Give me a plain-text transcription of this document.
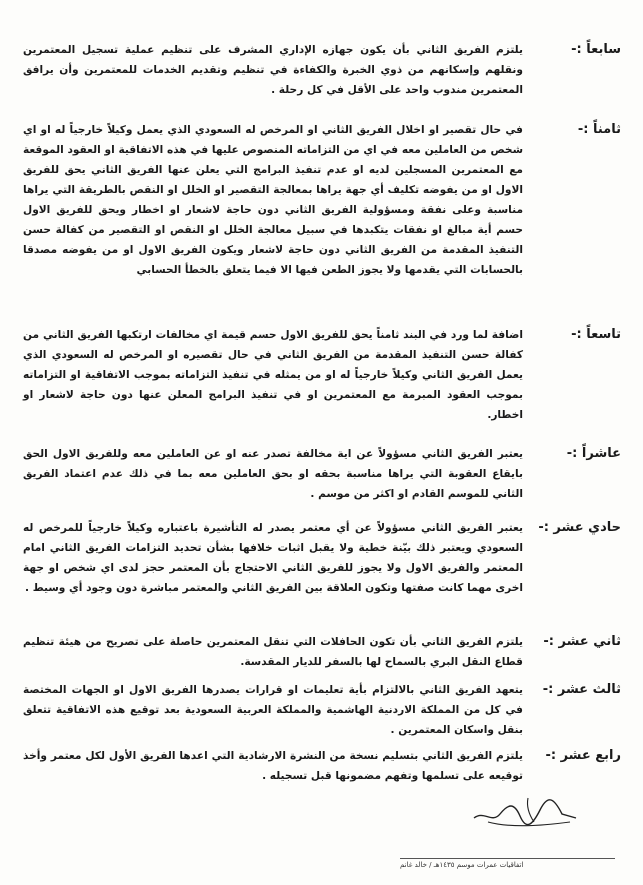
سابعاً :-
يلتزم الفريق الثاني بأن يكون جهازه الإداري المشرف على تنظيم عملية تسجيل المعتمرين ونقلهم وإسكانهم من ذوي الخبرة والكفاءة في تنظيم وتقديم الخدمات للمعتمرين وأن يرافق المعتمرين مندوب واحد على الأقل في كل رحلة .
ثامناً :-
في حال تقصير او اخلال الفريق الثاني او المرخص له السعودي الذي يعمل وكيلاً خارجياً له او اي شخص من العاملين معه في اي من التزاماته المنصوص عليها في هذه الاتفاقية او العقود الموقعة مع المعتمرين المسجلين لديه او عدم تنفيذ البرامج التي يعلن عنها الفريق الثاني يحق للفريق الاول او من يفوضه تكليف أي جهة يراها بمعالجة التقصير او الخلل او النقص بالطريقة التي يراها مناسبة وعلى نفقة ومسؤولية الفريق الثاني دون حاجة لاشعار او اخطار ويحق للفريق الاول حسم أية مبالغ او نفقات يتكبدها في سبيل معالجة الخلل او النقص او التقصير من كفالة حسن التنفيذ المقدمة من الفريق الثاني دون حاجة لاشعار ويكون الفريق الاول او من يفوضه مصدقا بالحسابات التي يقدمها ولا يجوز الطعن فيها الا فيما يتعلق بالخطأ الحسابي
تاسعاً :-
اضافة لما ورد في البند ثامناً يحق للفريق الاول حسم قيمة اي مخالفات ارتكبها الفريق الثاني من كفالة حسن التنفيذ المقدمة من الفريق الثاني في حال تقصيره او المرخص له السعودي الذي يعمل الفريق الثاني وكيلاً خارجياً له او من يمثله في تنفيذ التزاماته بموجب الاتفاقية او التزاماته بموجب العقود المبرمة مع المعتمرين او في تنفيذ البرامج المعلن عنها دون حاجة لاشعار او اخطار.
عاشراً :-
يعتبر الفريق الثاني مسؤولاً عن اية مخالفة تصدر عنه او عن العاملين معه وللفريق الاول الحق بايقاع العقوبة التي يراها مناسبة بحقه او بحق العاملين معه بما في ذلك عدم اعتماد الفريق الثاني للموسم القادم او اكثر من موسم .
حادي عشر :-
يعتبر الفريق الثاني مسؤولاً عن أي معتمر يصدر له التأشيرة باعتباره وكيلاً خارجياً للمرخص له السعودي ويعتبر ذلك بيّنة خطية ولا يقبل اثبات خلافها بشأن تحديد التزامات الفريق الثاني امام المعتمر والفريق الاول ولا يجوز للفريق الثاني الاحتجاج بأن المعتمر حجز لدى اي شخص او جهة اخرى مهما كانت صفتها وتكون العلاقة بين الفريق الثاني والمعتمر مباشرة دون وجود أي وسيط .
ثاني عشر :-
يلتزم الفريق الثاني بأن تكون الحافلات التي تنقل المعتمرين حاصلة على تصريح من هيئة تنظيم قطاع النقل البري بالسماح لها بالسفر للديار المقدسة.
ثالث عشر :-
يتعهد الفريق الثاني بالالتزام بأية تعليمات او قرارات يصدرها الفريق الاول او الجهات المختصة في كل من المملكة الاردنية الهاشمية والمملكة العربية السعودية بعد توقيع هذه الاتفاقية تتعلق بنقل واسكان المعتمرين .
رابع عشر :-
يلتزم الفريق الثاني بتسليم نسخة من النشرة الارشادية التي اعدها الفريق الأول لكل معتمر وأخذ توقيعه على تسلمها وتفهم مضمونها قبل تسجيله .
اتفاقيات عمرات موسم ١٤٣٥هـ / خالد غانم
